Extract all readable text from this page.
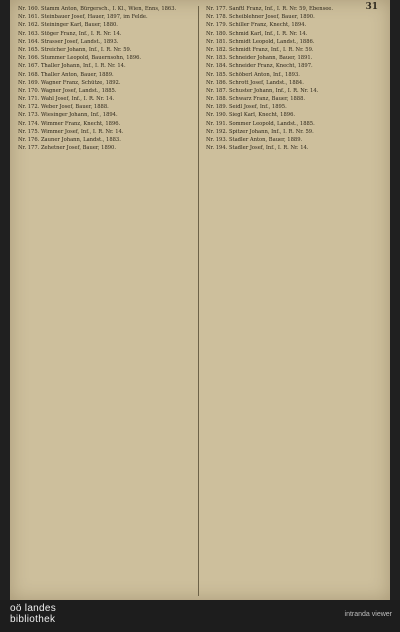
31
Nr. 160. Stamm Anton, Bürgersch., I. Kl., Wien, Enns, 1863.
Nr. 161. Steinbauer Josef, Hauer, 1897, im Felde.
Nr. 162. Steininger Karl, Bauer, 1880.
Nr. 163. Stöger Franz, Inf., I. R. Nr. 14.
Nr. 164. Strasser Josef, Landst., 1893.
Nr. 165. Streicher Johann, Inf., I. R. Nr. 59.
Nr. 166. Stummer Leopold, Bauernsohn, 1896.
Nr. 167. Thaller Johann, Inf., I. R. Nr. 14.
Nr. 168. Thaller Anton, Bauer, 1889.
Nr. 169. Wagner Franz, Schütze, 1892.
Nr. 170. Wagner Josef, Landst., 1885.
Nr. 171. Wahl Josef, Inf., I. R. Nr. 14.
Nr. 172. Weber Josef, Bauer, 1888.
Nr. 173. Wiesinger Johann, Inf., 1894.
Nr. 174. Wimmer Franz, Knecht, 1896.
Nr. 175. Wimmer Josef, Inf., I. R. Nr. 14.
Nr. 176. Zauner Johann, Landst., 1883.
Nr. 177. Zehetner Josef, Bauer, 1890.
Nr. 177. Sanftl Franz, Inf., I. R. Nr. 59, Ebensee.
Nr. 178. Scheiblehner Josef, Bauer, 1890.
Nr. 179. Schiller Franz, Knecht, 1894.
Nr. 180. Schmid Karl, Inf., I. R. Nr. 14.
Nr. 181. Schmidt Leopold, Landst., 1886.
Nr. 182. Schmidt Franz, Inf., I. R. Nr. 59.
Nr. 183. Schneider Johann, Bauer, 1891.
Nr. 184. Schneider Franz, Knecht, 1897.
Nr. 185. Schöberl Anton, Inf., 1893.
Nr. 186. Schrott Josef, Landst., 1884.
Nr. 187. Schuster Johann, Inf., I. R. Nr. 14.
Nr. 188. Schwarz Franz, Bauer, 1888.
Nr. 189. Seidl Josef, Inf., 1895.
Nr. 190. Siegl Karl, Knecht, 1896.
Nr. 191. Sommer Leopold, Landst., 1885.
Nr. 192. Spitzer Johann, Inf., I. R. Nr. 59.
Nr. 193. Stadler Anton, Bauer, 1889.
Nr. 194. Stadler Josef, Inf., I. R. Nr. 14.
oö landes
bibliothek	intranda viewer
